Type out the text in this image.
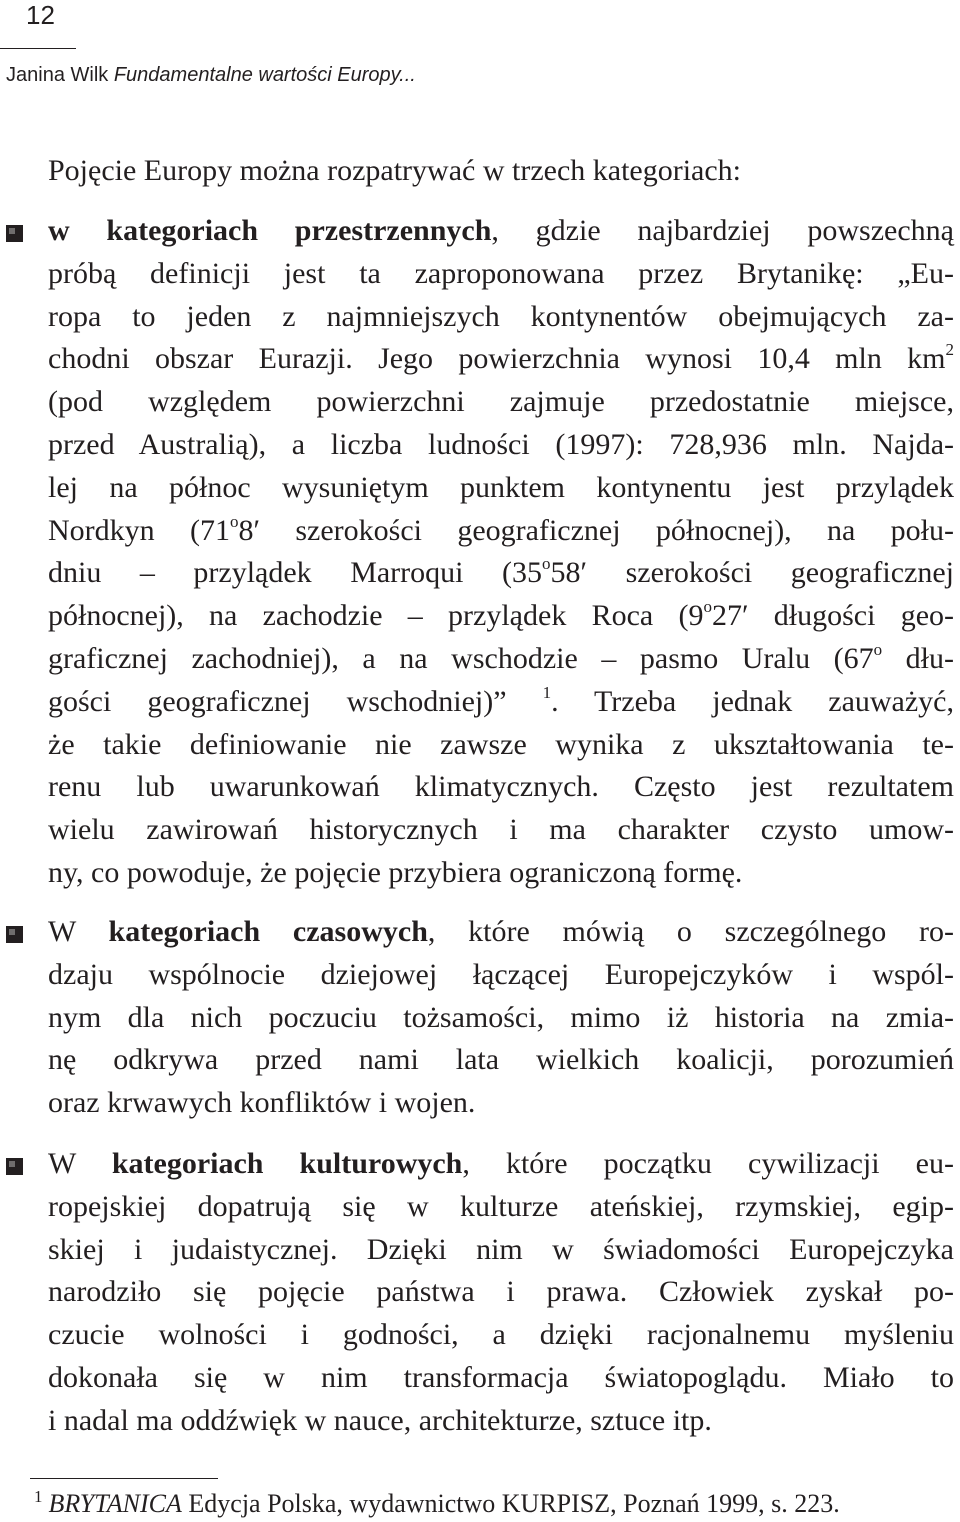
12
Janina Wilk Fundamentalne wartości Europy...
Pojęcie Europy można rozpatrywać w trzech kategoriach:
w kategoriach przestrzennych, gdzie najbardziej powszechną
próbą definicji jest ta zaproponowana przez Brytanikę: „Eu-
ropa to jeden z najmniejszych kontynentów obejmujących za-
chodni obszar Eurazji. Jego powierzchnia wynosi 10,4 mln $km^2$
(pod względem powierzchni zajmuje przedostatnie miejsce,
przed Australią), a liczba ludności (1997): 728,936 mln. Najda-
lej na północ wysuniętym punktem kontynentu jest przylądek
Nordkyn (71$^o$8′ szerokości geograficznej północnej), na połu-
dniu – przylądek Marroqui (35$^o$58′ szerokości geograficznej
północnej), na zachodzie – przylądek Roca (9$^o$27′ długości geo-
graficznej zachodniej), a na wschodzie – pasmo Uralu (67$^o$ dłu-
gości geograficznej wschodniej)” $^1$. Trzeba jednak zauważyć,
że takie definiowanie nie zawsze wynika z ukształtowania te-
renu lub uwarunkowań klimatycznych. Często jest rezultatem
wielu zawirowań historycznych i ma charakter czysto umow-
ny, co powoduje, że pojęcie przybiera ograniczoną formę.
W kategoriach czasowych, które mówią o szczególnego ro-
dzaju wspólnocie dziejowej łączącej Europejczyków i wspól-
nym dla nich poczuciu tożsamości, mimo iż historia na zmia-
nę odkrywa przed nami lata wielkich koalicji, porozumień
oraz krwawych konfliktów i wojen.
W kategoriach kulturowych, które początku cywilizacji eu-
ropejskiej dopatrują się w kulturze ateńskiej, rzymskiej, egip-
skiej i judaistycznej. Dzięki nim w świadomości Europejczyka
narodziło się pojęcie państwa i prawa. Człowiek zyskał po-
czucie wolności i godności, a dzięki racjonalnemu myśleniu
dokonała się w nim transformacja światopoglądu. Miało to
i nadal ma oddźwięk w nauce, architekturze, sztuce itp.
$^1$ BRYTANICA Edycja Polska, wydawnictwo KURPISZ, Poznań 1999, s. 223.
